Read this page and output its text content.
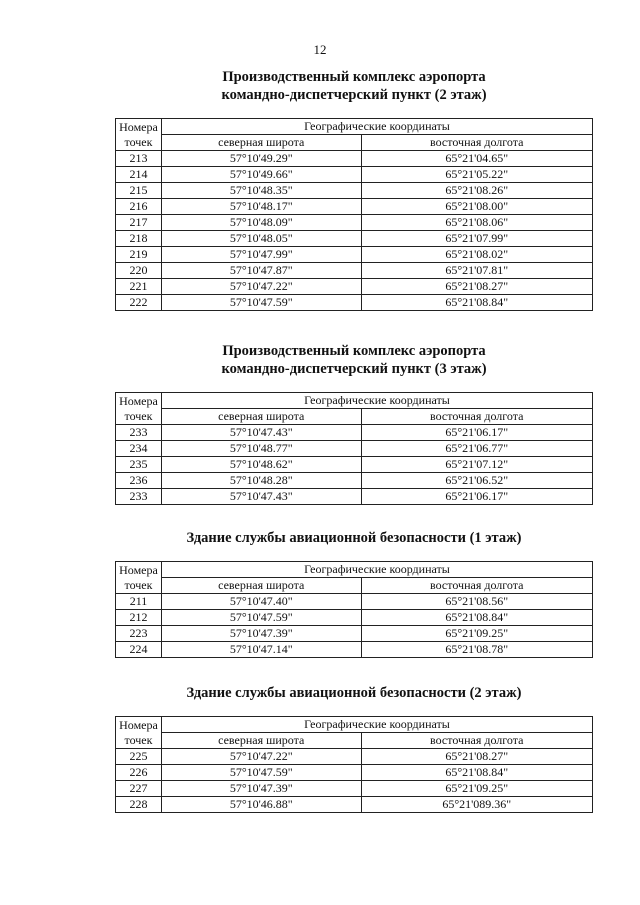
12

Производственный комплекс аэропорта

командно-диспетчерский пункт (2 этаж)

Номера
точек	Географические координаты	
	северная широта	восточная долгота
213	57°10'49.29"	65°21'04.65"
214	57°10'49.66"	65°21'05.22"
215	57°10'48.35"	65°21'08.26"
216	57°10'48.17"	65°21'08.00"
217	57°10'48.09"	65°21'08.06"
218	57°10'48.05"	65°21'07.99"
219	57°10'47.99"	65°21'08.02"
220	57°10'47.87"	65°21'07.81"
221	57°10'47.22"	65°21'08.27"
222	57°10'47.59"	65°21'08.84"

Производственный комплекс аэропорта

командно-диспетчерский пункт (3 этаж)

Номера
точек	Географические координаты	
	северная широта	восточная долгота
233	57°10'47.43"	65°21'06.17"
234	57°10'48.77"	65°21'06.77"
235	57°10'48.62"	65°21'07.12"
236	57°10'48.28"	65°21'06.52"
233	57°10'47.43"	65°21'06.17"

Здание службы авиационной безопасности (1 этаж)

Номера
точек	Географические координаты	
	северная широта	восточная долгота
211	57°10'47.40"	65°21'08.56"
212	57°10'47.59"	65°21'08.84"
223	57°10'47.39"	65°21'09.25"
224	57°10'47.14"	65°21'08.78"

Здание службы авиационной безопасности (2 этаж)

Номера
точек	Географические координаты	
	северная широта	восточная долгота
225	57°10'47.22"	65°21'08.27"
226	57°10'47.59"	65°21'08.84"
227	57°10'47.39"	65°21'09.25"
228	57°10'46.88"	65°21'089.36"
